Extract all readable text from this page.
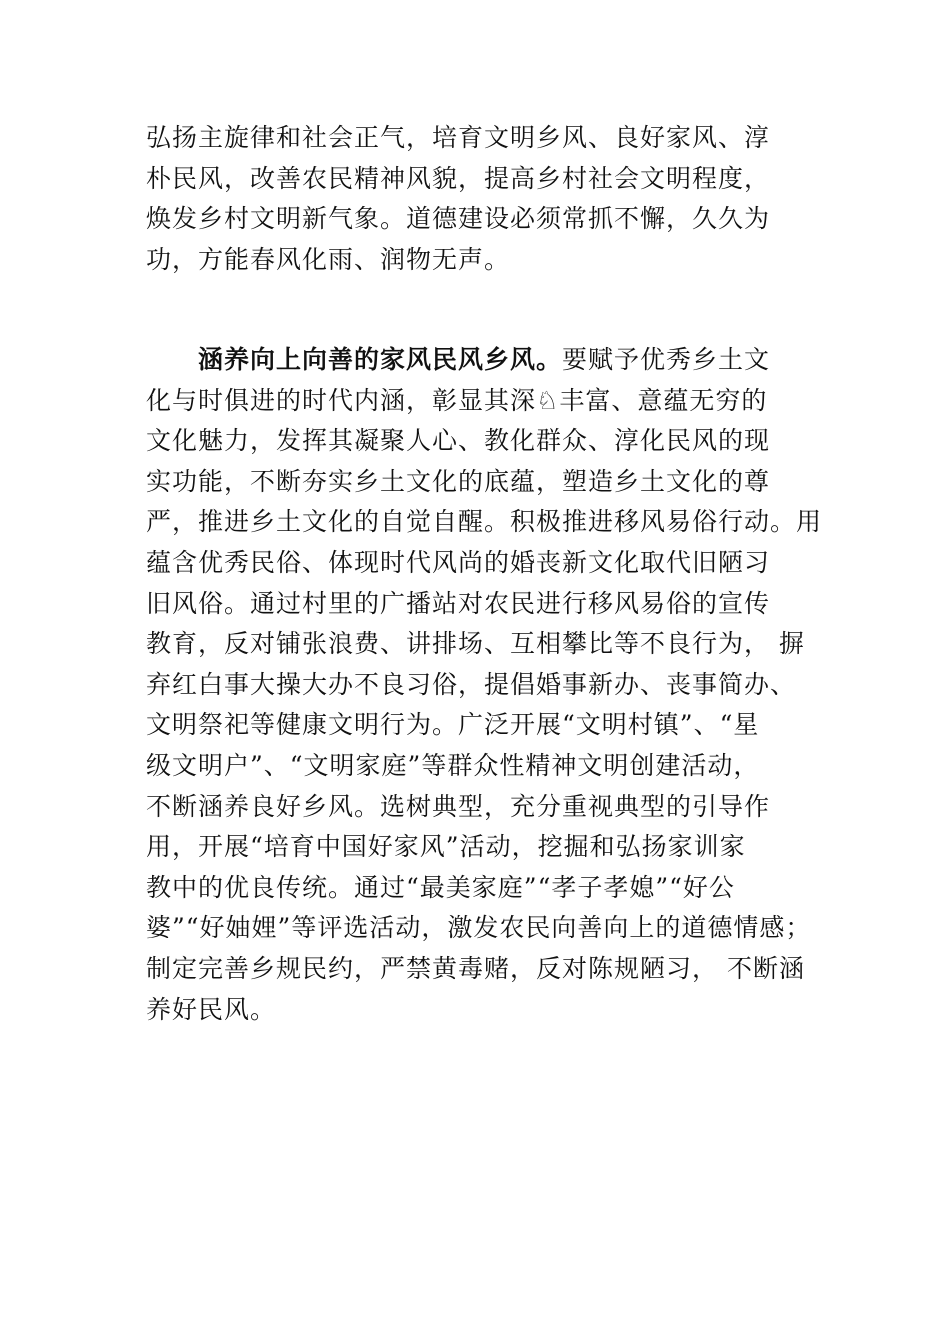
弘扬主旋律和社会正气，培育文明乡风、良好家风、淳
朴民风，改善农民精神风貌，提高乡村社会文明程度，
焕发乡村文明新气象。道德建设必须常抓不懈，久久为
功，方能春风化雨、润物无声。
涵养向上向善的家风民风乡风。要赋予优秀乡土文
化与时俱进的时代内涵，彰显其深♘丰富、意蕴无穷的
文化魅力，发挥其凝聚人心、教化群众、淳化民风的现
实功能，不断夯实乡土文化的底蕴，塑造乡土文化的尊
严，推进乡土文化的自觉自醒。积极推进移风易俗行动。用
蕴含优秀民俗、体现时代风尚的婚丧新文化取代旧陋习
旧风俗。通过村里的广播站对农民进行移风易俗的宣传
教育，反对铺张浪费、讲排场、互相攀比等不良行为， 摒
弃红白事大操大办不良习俗，提倡婚事新办、丧事简办、
文明祭祀等健康文明行为。广泛开展“文明村镇”、“星
级文明户”、“文明家庭”等群众性精神文明创建活动，
不断涵养良好乡风。选树典型，充分重视典型的引导作
用，开展“培育中国好家风”活动，挖掘和弘扬家训家
教中的优良传统。通过“最美家庭”“孝子孝媳”“好公
婆”“好妯娌”等评选活动，激发农民向善向上的道德情感；
制定完善乡规民约，严禁黄毒赌，反对陈规陋习， 不断涵
养好民风。
